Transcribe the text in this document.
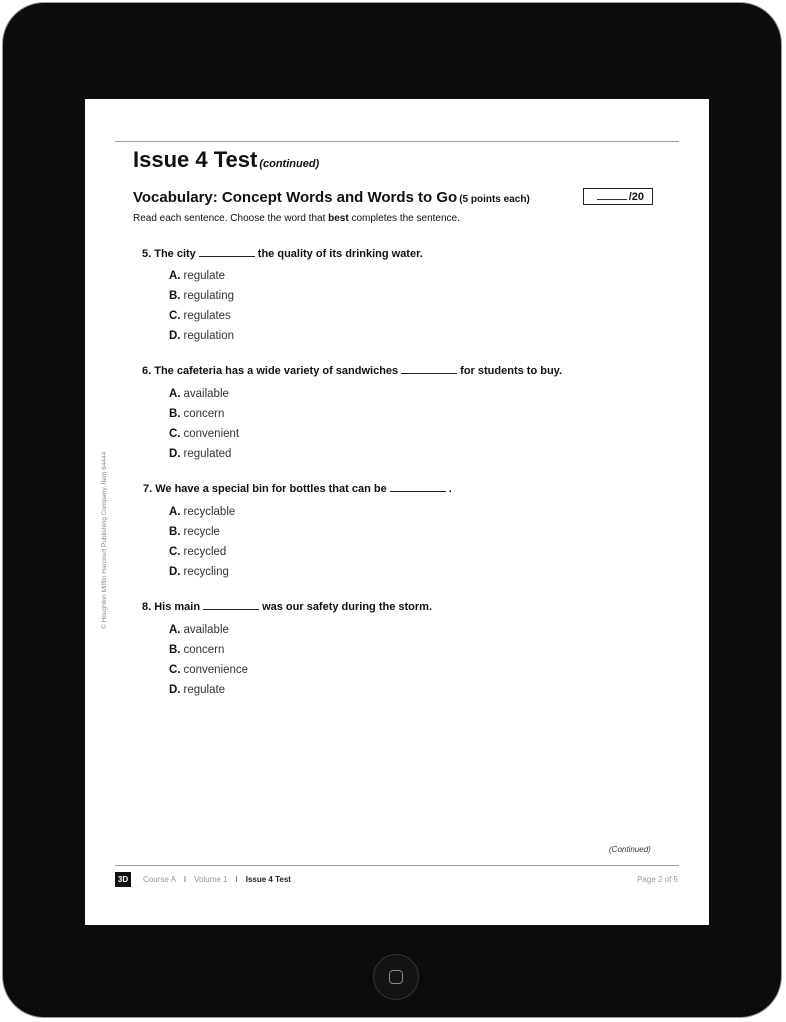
Issue 4 Test (continued)
Vocabulary: Concept Words and Words to Go (5 points each)	/20
Read each sentence. Choose the word that best completes the sentence.
5. The city	the quality of its drinking water.
A. regulate
B. regulating
C. regulates
D. regulation
6. The cafeteria has a wide variety of sandwiches	for students to buy.
A. available
B. concern
C. convenient
D. regulated
7. We have a special bin for bottles that can be	.
A. recyclable
B. recycle
C. recycled
D. recycling
8. His main	was our safety during the storm.
A. available
B. concern
C. convenience
D. regulate
© Houghton Mifflin Harcourt Publishing Company. Item 64444
(Continued)
3D	Course A I Volume 1 I Issue 4 Test	Page 2 of 5
